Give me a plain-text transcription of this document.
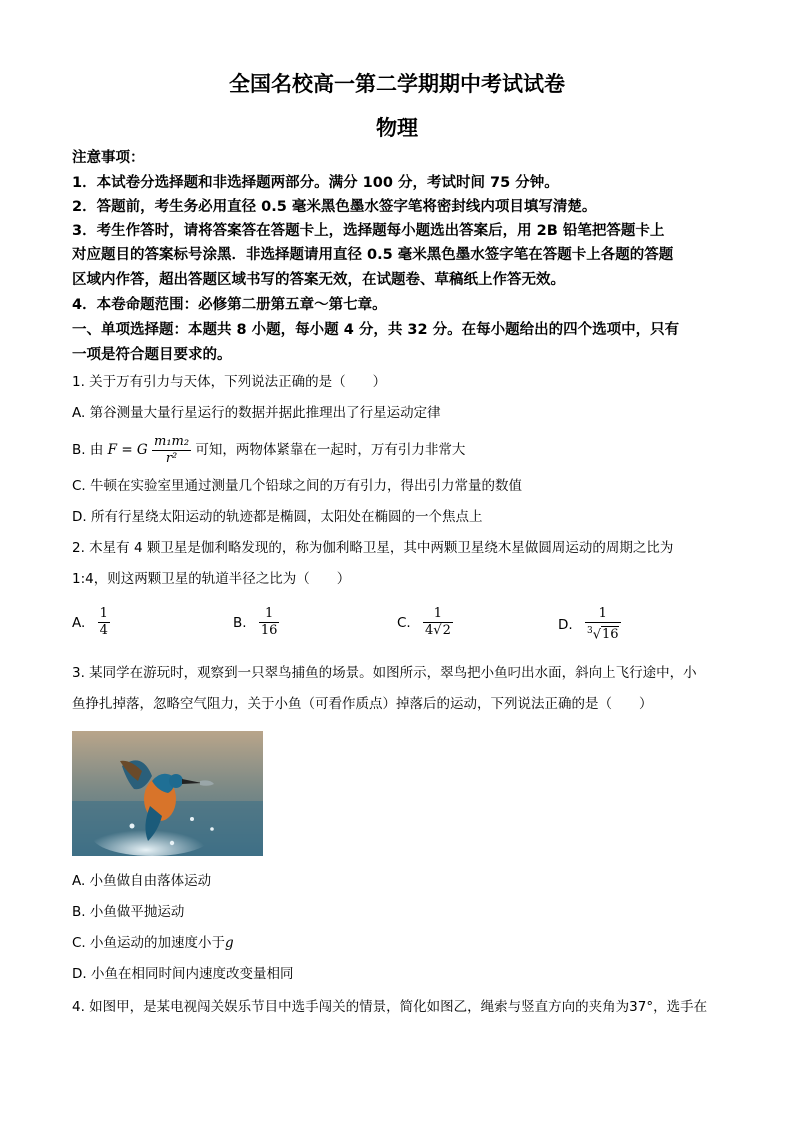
全国名校高一第二学期期中考试试卷
物理
注意事项：
1．本试卷分选择题和非选择题两部分。满分 100 分，考试时间 75 分钟。
2．答题前，考生务必用直径 0.5 毫米黑色墨水签字笔将密封线内项目填写清楚。
3．考生作答时，请将答案答在答题卡上，选择题每小题选出答案后，用 2B 铅笔把答题卡上
对应题目的答案标号涂黑．非选择题请用直径 0.5 毫米黑色墨水签字笔在答题卡上各题的答题
区域内作答，超出答题区域书写的答案无效，在试题卷、草稿纸上作答无效。
4．本卷命题范围：必修第二册第五章～第七章。
一、单项选择题：本题共 8 小题，每小题 4 分，共 32 分。在每小题给出的四个选项中，只有
一项是符合题目要求的。
1. 关于万有引力与天体，下列说法正确的是（　　）
A. 第谷测量大量行星运行的数据并据此推理出了行星运动定律
B. 由 F = G $\frac{\text{m₁m₂}}{\text{r²}}$ 可知，两物体紧靠在一起时，万有引力非常大
C. 牛顿在实验室里通过测量几个铅球之间的万有引力，得出引力常量的数值
D. 所有行星绕太阳运动的轨迹都是椭圆，太阳处在椭圆的一个焦点上
2. 木星有 4 颗卫星是伽利略发现的，称为伽利略卫星，其中两颗卫星绕木星做圆周运动的周期之比为
1:4，则这两颗卫星的轨道半径之比为（　　）
A. $\frac{1}{4}$	B. $\frac{1}{16}$	C. $\frac{1}{4√2}$	D. $\frac{1}{^3√16}$
3. 某同学在游玩时，观察到一只翠鸟捕鱼的场景。如图所示，翠鸟把小鱼叼出水面，斜向上飞行途中，小
鱼挣扎掉落，忽略空气阻力，关于小鱼（可看作质点）掉落后的运动，下列说法正确的是（　　）
A. 小鱼做自由落体运动
B. 小鱼做平抛运动
C. 小鱼运动的加速度小于g
D. 小鱼在相同时间内速度改变量相同
4. 如图甲，是某电视闯关娱乐节目中选手闯关的情景，简化如图乙，绳索与竖直方向的夹角为37°，选手在
